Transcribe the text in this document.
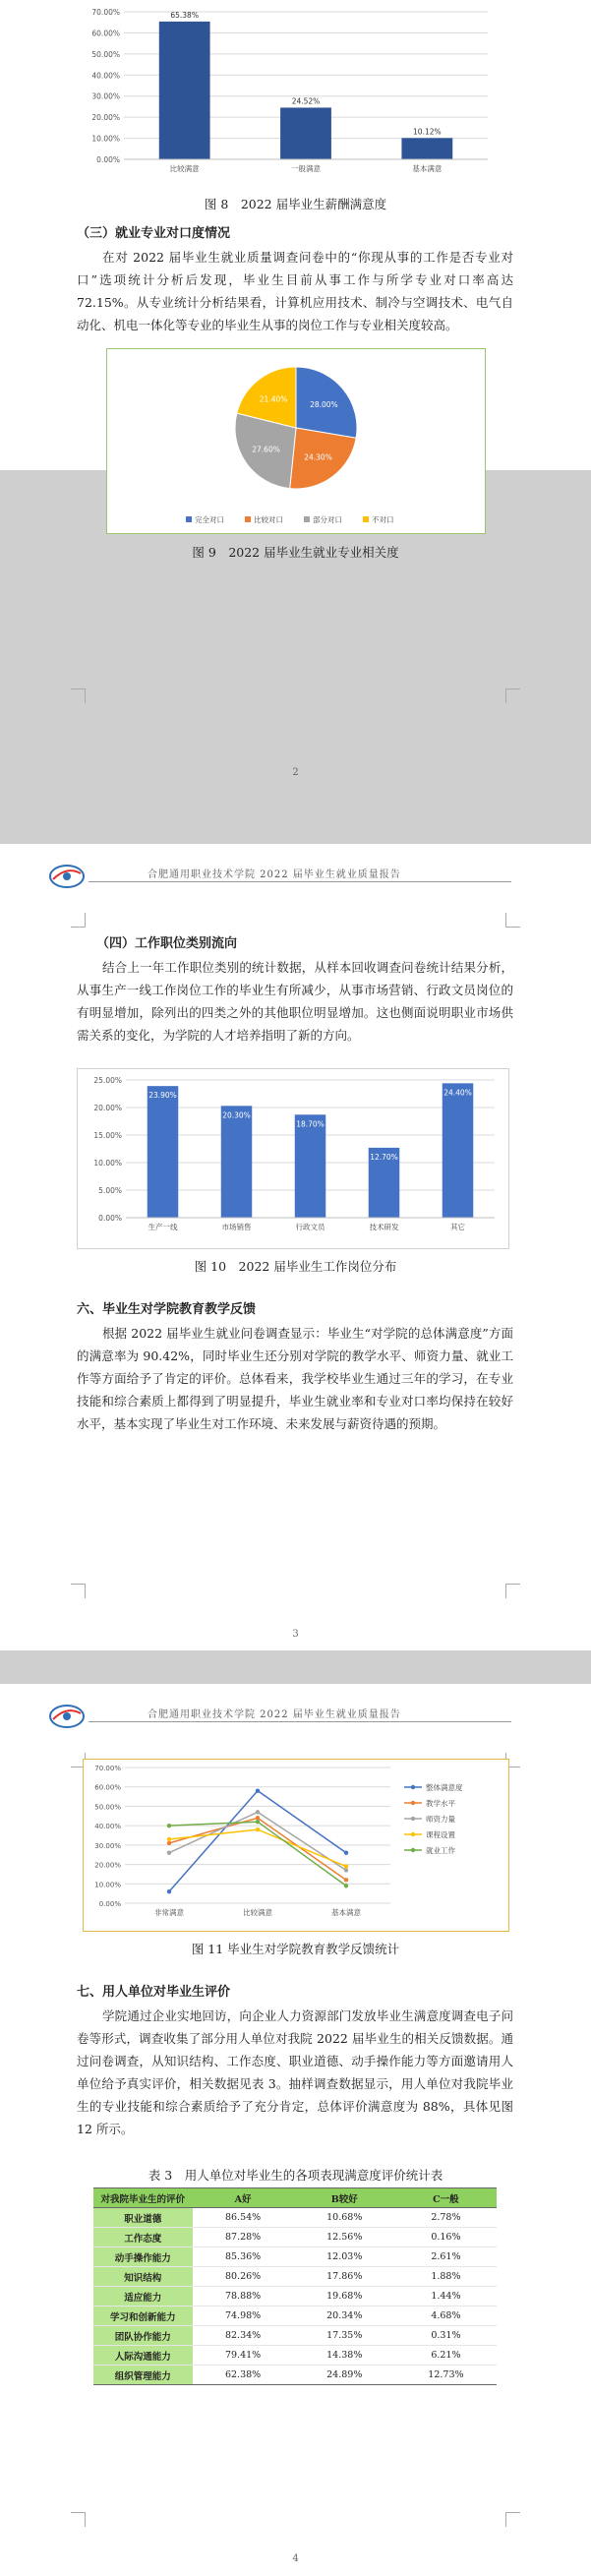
0.00%
10.00%
20.00%
30.00%
40.00%
50.00%
60.00%
70.00%	65.38%
比较满意
24.52%
一般满意
10.12%
基本满意
图 8　2022 届毕业生薪酬满意度
（三）就业专业对口度情况
在对 2022 届毕业生就业质量调查问卷中的“你现从事的工作是否专业对口”选项统计分析后发现，毕业生目前从事工作与所学专业对口率高达 72.15%。从专业统计分析结果看，计算机应用技术、制冷与空调技术、电气自动化、机电一体化等专业的毕业生从事的岗位工作与专业相关度较高。
28.00%
24.30%
27.60%
21.40%
完全对口	比较对口	部分对口	不对口
图 9　2022 届毕业生就业专业相关度
2
合肥通用职业技术学院 2022 届毕业生就业质量报告
（四）工作职位类别流向
结合上一年工作职位类别的统计数据，从样本回收调查问卷统计结果分析，从事生产一线工作岗位工作的毕业生有所减少，从事市场营销、行政文员岗位的有明显增加，除列出的四类之外的其他职位明显增加。这也侧面说明职业市场供需关系的变化，为学院的人才培养指明了新的方向。
0.00%
5.00%
10.00%
15.00%
20.00%
25.00%
23.90%
生产一线
20.30%
市场销售
18.70%
行政文员
12.70%
技术研发
24.40%
其它
图 10　2022 届毕业生工作岗位分布
六、毕业生对学院教育教学反馈
根据 2022 届毕业生就业问卷调查显示：毕业生“对学院的总体满意度”方面的满意率为 90.42%，同时毕业生还分别对学院的教学水平、师资力量、就业工作等方面给予了肯定的评价。总体看来，我学校毕业生通过三年的学习，在专业技能和综合素质上都得到了明显提升，毕业生就业率和专业对口率均保持在较好水平，基本实现了毕业生对工作环境、未来发展与薪资待遇的预期。
3
合肥通用职业技术学院 2022 届毕业生就业质量报告
0.00%
10.00%
20.00%
30.00%
40.00%
50.00%
60.00%
70.00%
非常满意	比较满意	基本满意
整体满意度
教学水平
师资力量
课程设置
就业工作
图 11 毕业生对学院教育教学反馈统计
七、用人单位对毕业生评价
学院通过企业实地回访，向企业人力资源部门发放毕业生满意度调查电子问卷等形式，调查收集了部分用人单位对我院 2022 届毕业生的相关反馈数据。通过问卷调查，从知识结构、工作态度、职业道德、动手操作能力等方面邀请用人单位给予真实评价，相关数据见表 3。抽样调查数据显示，用人单位对我院毕业生的专业技能和综合素质给予了充分肯定，总体评价满意度为 88%，具体见图 12 所示。
表 3　用人单位对毕业生的各项表现满意度评价统计表
对我院毕业生的评价	A好	B较好	C一般
职业道德	86.54%	10.68%	2.78%
工作态度	87.28%	12.56%	0.16%
动手操作能力	85.36%	12.03%	2.61%
知识结构	80.26%	17.86%	1.88%
适应能力	78.88%	19.68%	1.44%
学习和创新能力	74.98%	20.34%	4.68%
团队协作能力	82.34%	17.35%	0.31%
人际沟通能力	79.41%	14.38%	6.21%
组织管理能力	62.38%	24.89%	12.73%
4
